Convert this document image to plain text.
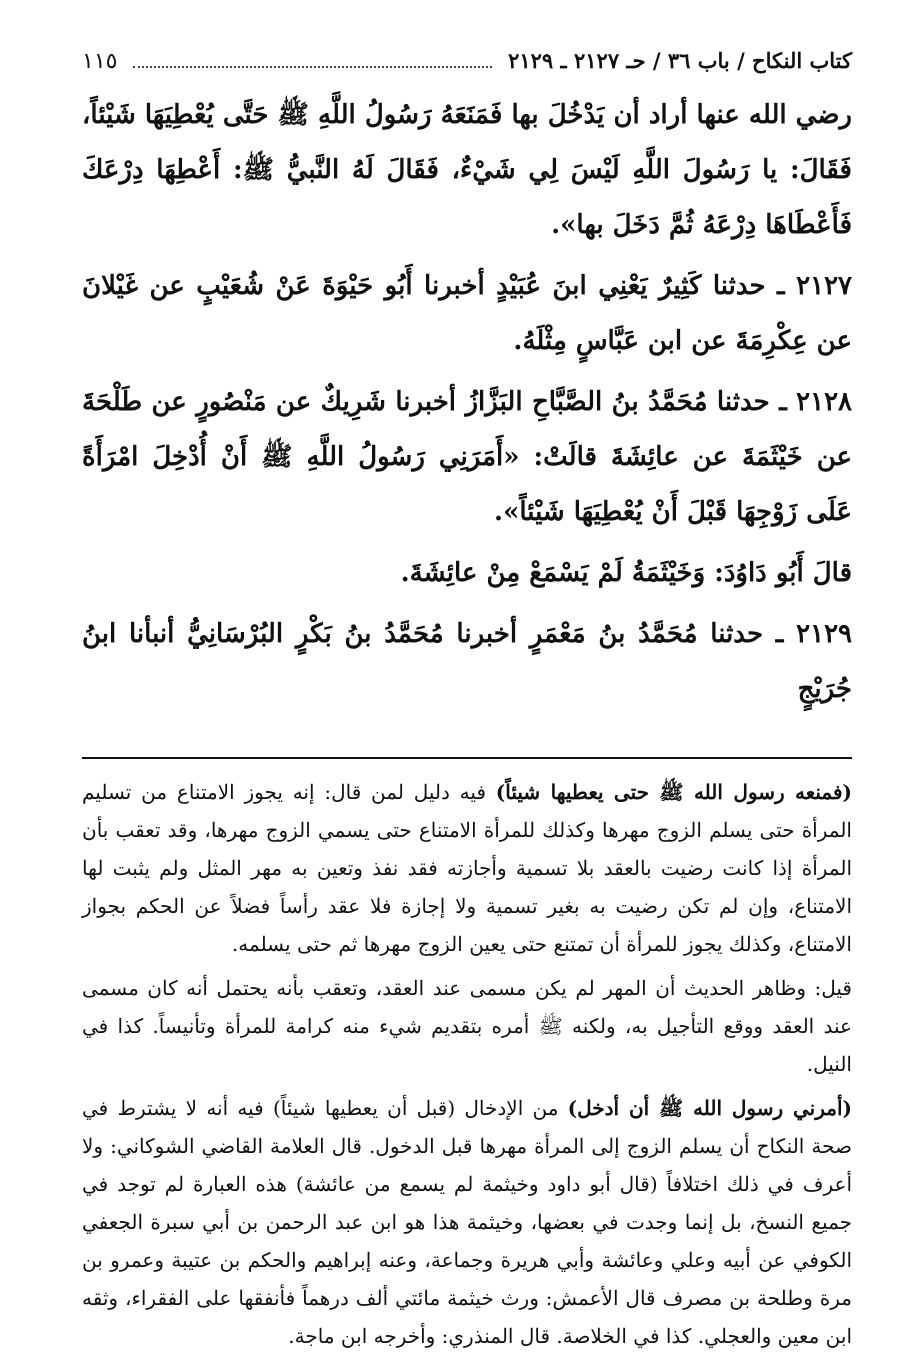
كتاب النكاح / باب ٣٦ / حـ ٢١٢٧ ـ ٢١٢٩
١١٥

رضي الله عنها أراد أن يَدْخُلَ بها فَمَنَعَهُ رَسُولُ اللَّهِ ﷺ حَتَّى يُعْطِيَهَا شَيْئاً، فَقَالَ: يا رَسُولَ اللَّهِ لَيْسَ لِي شَيْءٌ، فَقَالَ لَهُ النَّبيُّ ﷺ: أَعْطِهَا دِرْعَكَ فَأَعْطَاهَا دِرْعَهُ ثُمَّ دَخَلَ بها».

٢١٢٧ ـ حدثنا كَثِيرٌ يَعْنِي ابنَ عُبَيْدٍ أخبرنا أَبُو حَيْوَةَ عَنْ شُعَيْبٍ عن غَيْلانَ عن عِكْرِمَةَ عن ابن عَبَّاسٍ مِثْلَهُ.

٢١٢٨ ـ حدثنا مُحَمَّدُ بنُ الصَّبَّاحِ البَزَّازُ أخبرنا شَرِيكٌ عن مَنْصُورٍ عن طَلْحَةَ عن خَيْثَمَةَ عن عائِشَةَ قالَتْ: «أَمَرَنِي رَسُولُ اللَّهِ ﷺ أَنْ أُدْخِلَ امْرَأَةً عَلَى زَوْجِهَا قَبْلَ أَنْ يُعْطِيَهَا شَيْئاً».

قالَ أَبُو دَاوُدَ: وَخَيْثَمَةُ لَمْ يَسْمَعْ مِنْ عائِشَةَ.

٢١٢٩ ـ حدثنا مُحَمَّدُ بنُ مَعْمَرٍ أخبرنا مُحَمَّدُ بنُ بَكْرٍ البُرْسَانِيُّ أنبأنا ابنُ جُرَيْجٍ

(فمنعه رسول الله ﷺ حتى يعطيها شيئاً) فيه دليل لمن قال: إنه يجوز الامتناع من تسليم المرأة حتى يسلم الزوج مهرها وكذلك للمرأة الامتناع حتى يسمي الزوج مهرها، وقد تعقب بأن المرأة إذا كانت رضيت بالعقد بلا تسمية وأجازته فقد نفذ وتعين به مهر المثل ولم يثبت لها الامتناع، وإن لم تكن رضيت به بغير تسمية ولا إجازة فلا عقد رأساً فضلاً عن الحكم بجواز الامتناع، وكذلك يجوز للمرأة أن تمتنع حتى يعين الزوج مهرها ثم حتى يسلمه.

قيل: وظاهر الحديث أن المهر لم يكن مسمى عند العقد، وتعقب بأنه يحتمل أنه كان مسمى عند العقد ووقع التأجيل به، ولكنه ﷺ أمره بتقديم شيء منه كرامة للمرأة وتأنيساً. كذا في النيل.

(أمرني رسول الله ﷺ أن أدخل) من الإدخال (قبل أن يعطيها شيئاً) فيه أنه لا يشترط في صحة النكاح أن يسلم الزوج إلى المرأة مهرها قبل الدخول. قال العلامة القاضي الشوكاني: ولا أعرف في ذلك اختلافاً (قال أبو داود وخيثمة لم يسمع من عائشة) هذه العبارة لم توجد في جميع النسخ، بل إنما وجدت في بعضها، وخيثمة هذا هو ابن عبد الرحمن بن أبي سبرة الجعفي الكوفي عن أبيه وعلي وعائشة وأبي هريرة وجماعة، وعنه إبراهيم والحكم بن عتيبة وعمرو بن مرة وطلحة بن مصرف قال الأعمش: ورث خيثمة مائتي ألف درهماً فأنفقها على الفقراء، وثقه ابن معين والعجلي. كذا في الخلاصة. قال المنذري: وأخرجه ابن ماجة.
